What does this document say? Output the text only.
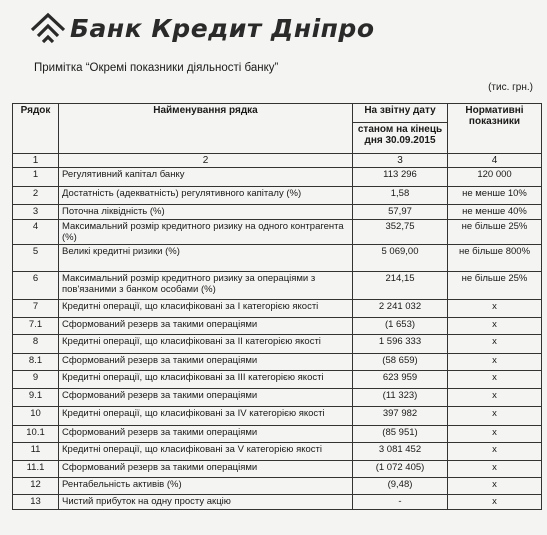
Банк Кредит Дніпро
Примітка “Окремі показники діяльності банку”
(тис. грн.)
Рядок	Найменування рядка	На звітну дату	Нормативні показники
		станом на кінець дня 30.09.2015	
1	2	3	4
1	Регулятивний капітал банку	113 296	120 000
2	Достатність (адекватність) регулятивного капіталу (%)	1,58	не менше 10%
3	Поточна ліквідність (%)	57,97	не менше 40%
4	Максимальний розмір кредитного ризику на одного контрагента (%)	352,75	не більше 25%
5	Великі кредитні ризики (%)	5 069,00	не більше 800%
6	Максимальний розмір кредитного ризику за операціями з пов'язаними з банком особами (%)	214,15	не більше 25%
7	Кредитні операції, що класифіковані за I категорією якості	2 241 032	x
7.1	Сформований резерв за такими операціями	(1 653)	x
8	Кредитні операції, що класифіковані за II категорією якості	1 596 333	x
8.1	Сформований резерв за такими операціями	(58 659)	x
9	Кредитні операції, що класифіковані за III категорією якості	623 959	x
9.1	Сформований резерв за такими операціями	(11 323)	x
10	Кредитні операції, що класифіковані за IV категорією якості	397 982	x
10.1	Сформований резерв за такими операціями	(85 951)	x
11	Кредитні операції, що класифіковані за V категорією якості	3 081 452	x
11.1	Сформований резерв за такими операціями	(1 072 405)	x
12	Рентабельність активів (%)	(9,48)	x
13	Чистий прибуток на одну просту акцію	-	x
